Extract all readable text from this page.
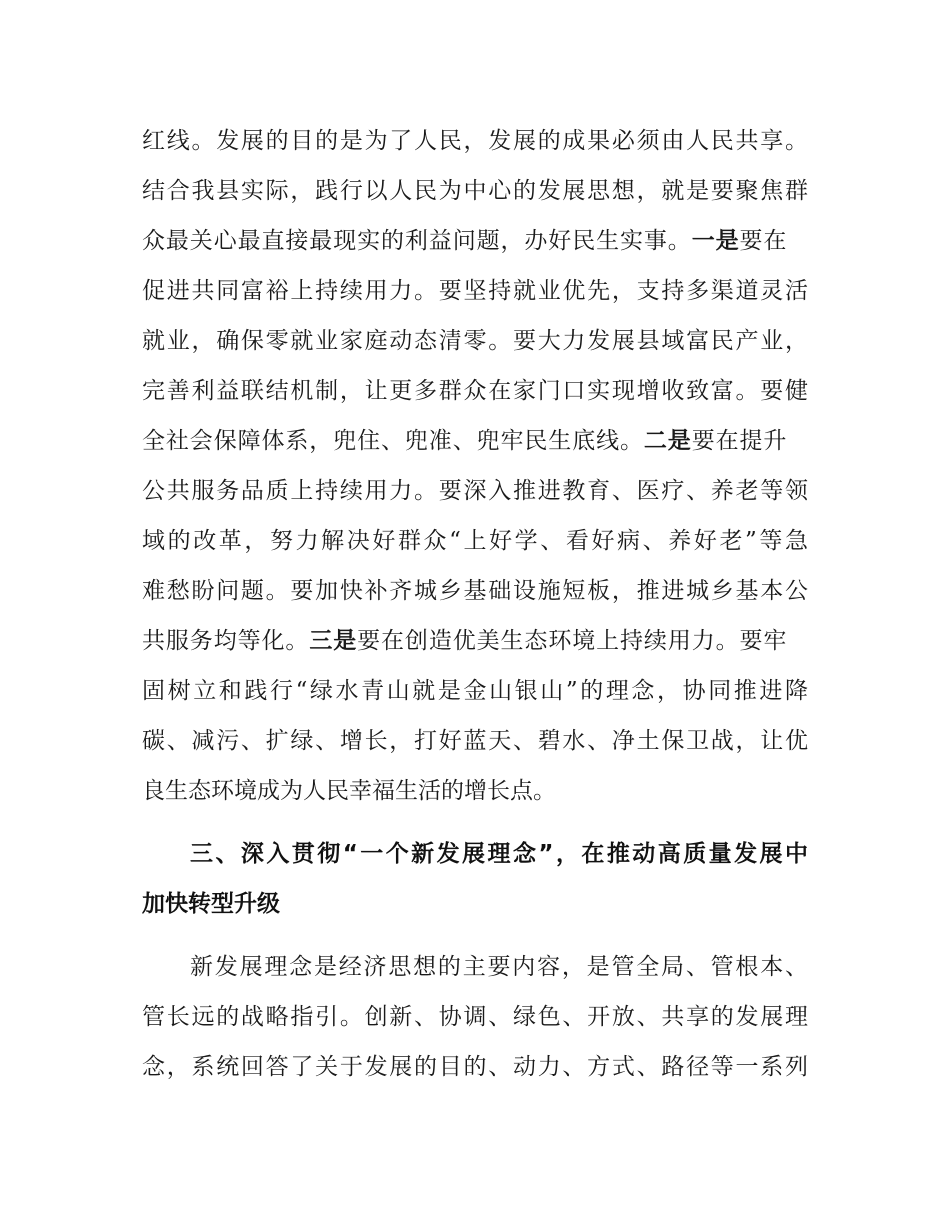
红线。发展的目的是为了人民，发展的成果必须由人民共享。
结合我县实际，践行以人民为中心的发展思想，就是要聚焦群
众最关心最直接最现实的利益问题，办好民生实事。一是要在
促进共同富裕上持续用力。要坚持就业优先，支持多渠道灵活
就业，确保零就业家庭动态清零。要大力发展县域富民产业，
完善利益联结机制，让更多群众在家门口实现增收致富。要健
全社会保障体系，兜住、兜准、兜牢民生底线。二是要在提升
公共服务品质上持续用力。要深入推进教育、医疗、养老等领
域的改革，努力解决好群众“上好学、看好病、养好老”等急
难愁盼问题。要加快补齐城乡基础设施短板，推进城乡基本公
共服务均等化。三是要在创造优美生态环境上持续用力。要牢
固树立和践行“绿水青山就是金山银山”的理念，协同推进降
碳、减污、扩绿、增长，打好蓝天、碧水、净土保卫战，让优
良生态环境成为人民幸福生活的增长点。
三、深入贯彻“一个新发展理念”，在推动高质量发展中
加快转型升级
新发展理念是经济思想的主要内容，是管全局、管根本、
管长远的战略指引。创新、协调、绿色、开放、共享的发展理
念，系统回答了关于发展的目的、动力、方式、路径等一系列
